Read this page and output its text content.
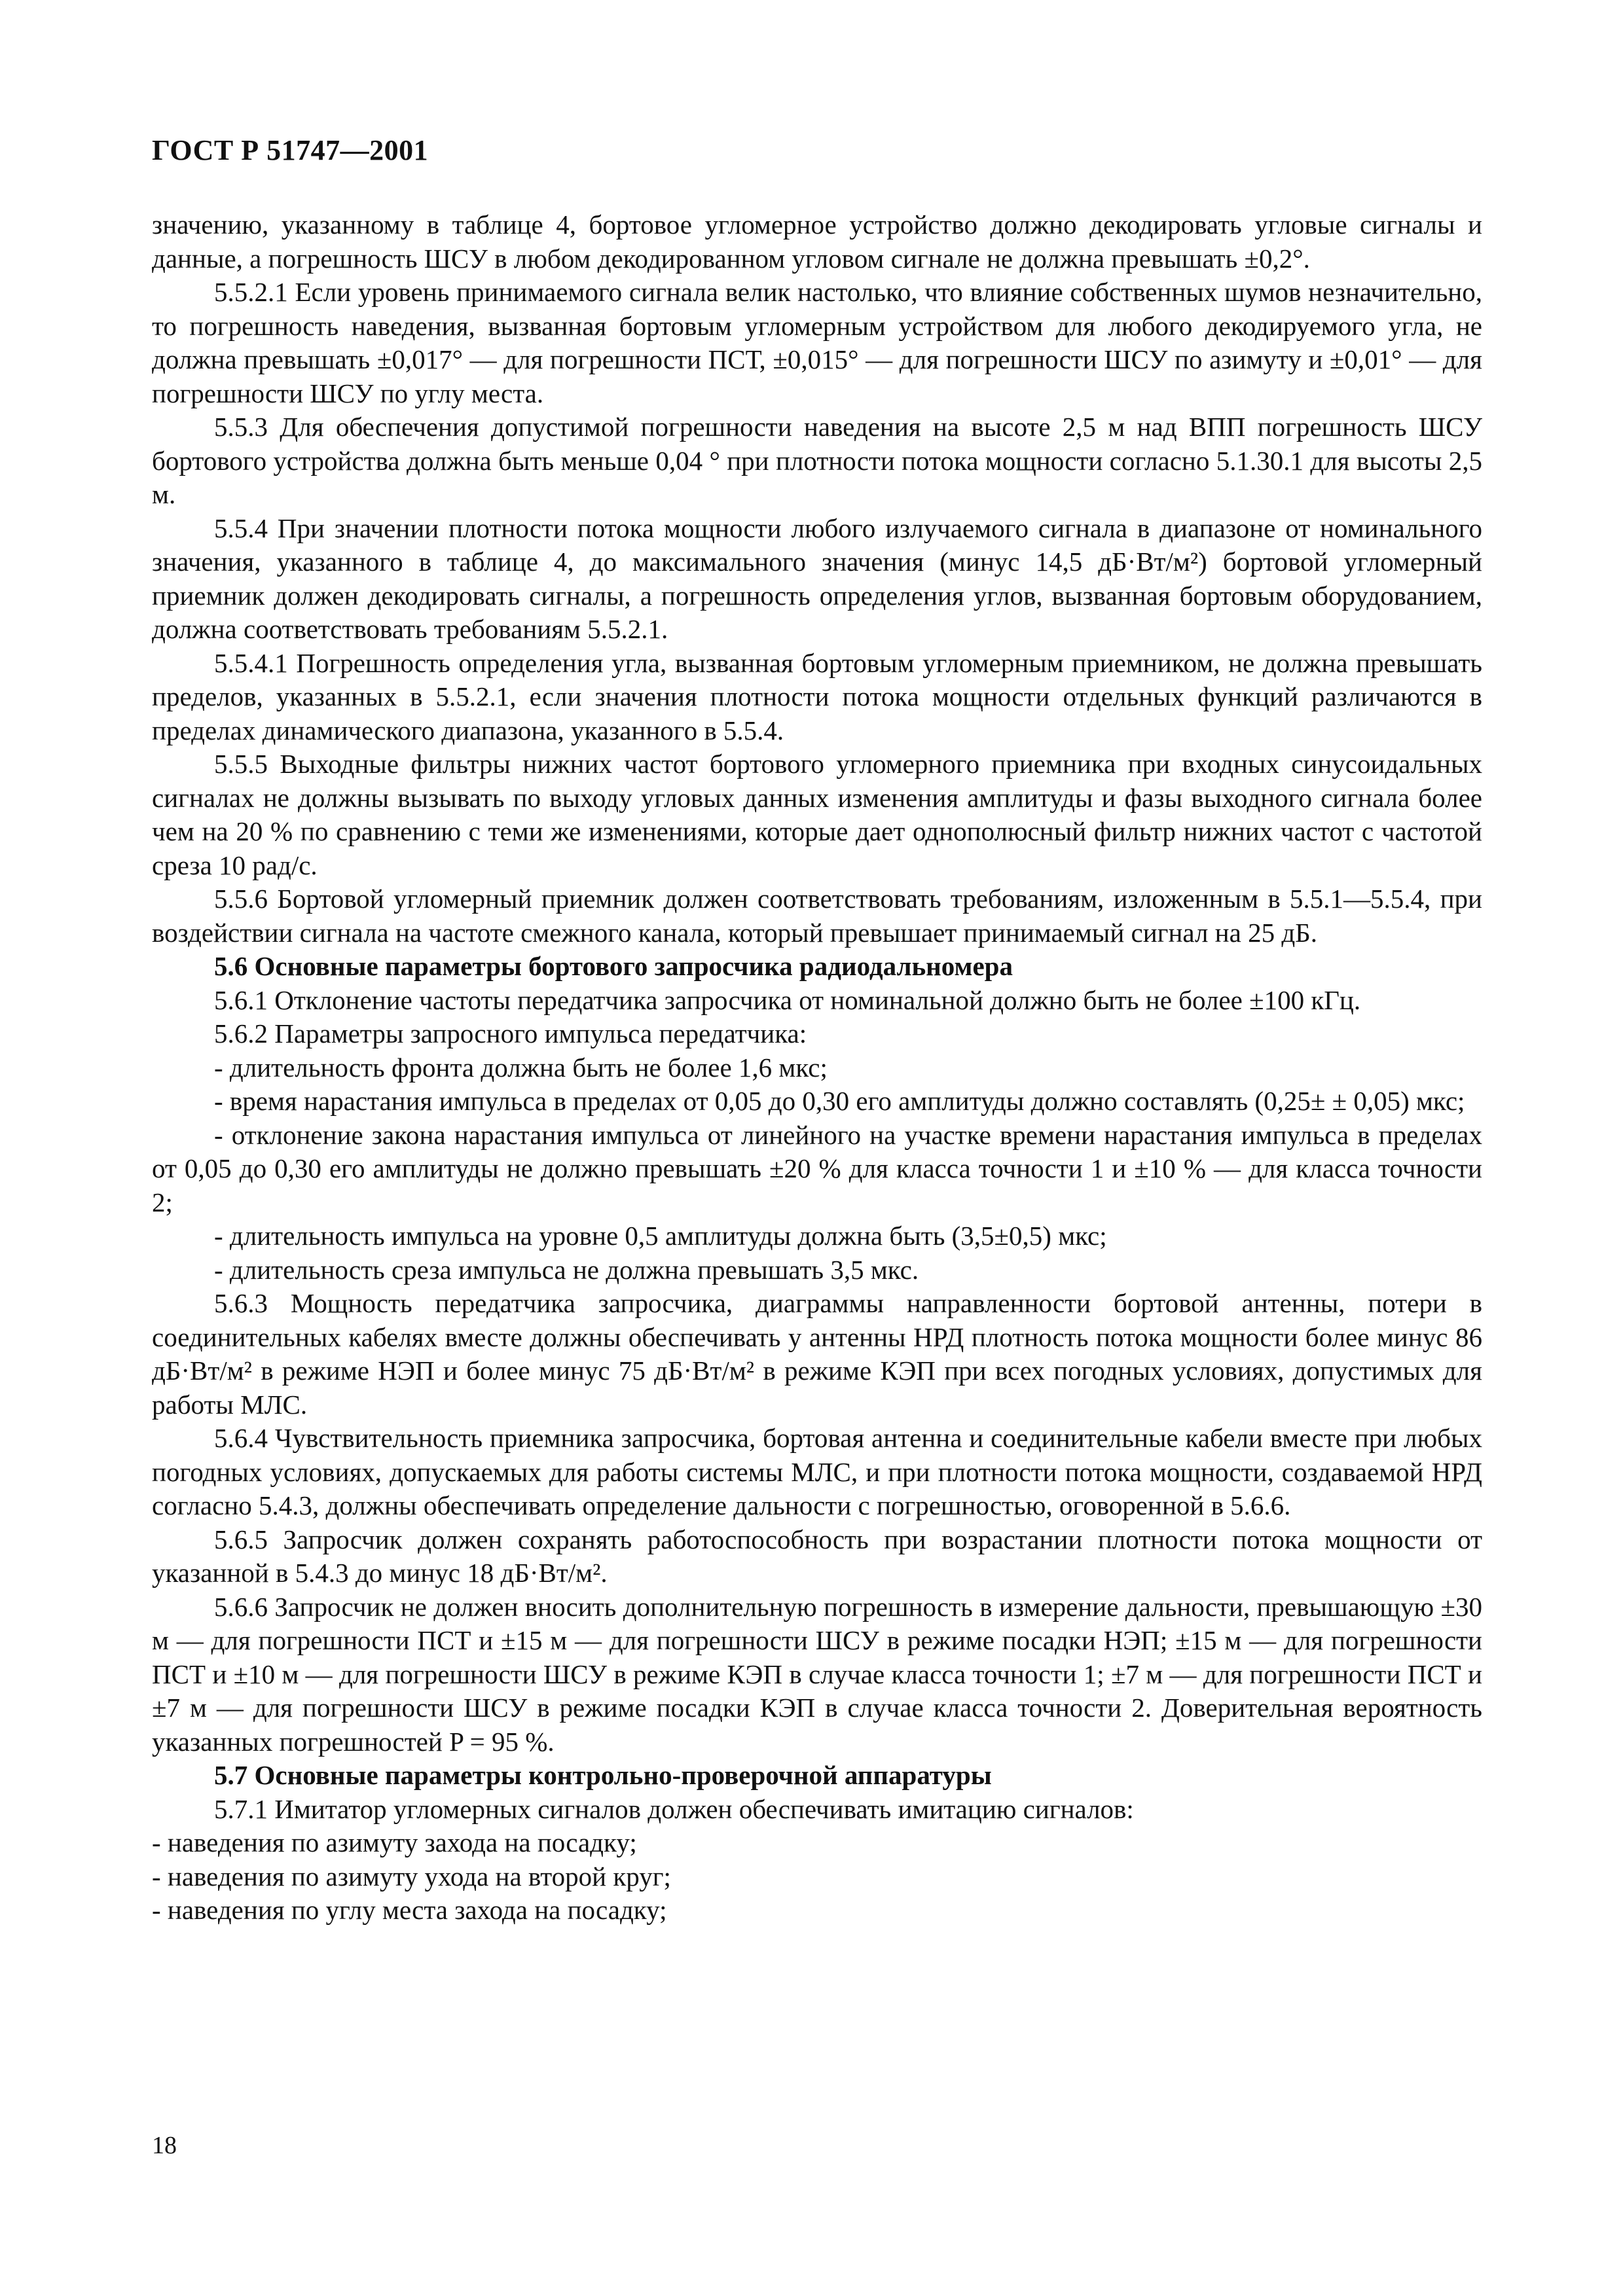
ГОСТ Р 51747—2001

значению, указанному в таблице 4, бортовое угломерное устройство должно декодировать угловые сигналы и данные, а погрешность ШСУ в любом декодированном угловом сигнале не должна превышать ±0,2°.

5.5.2.1 Если уровень принимаемого сигнала велик настолько, что влияние собственных шумов незначительно, то погрешность наведения, вызванная бортовым угломерным устройством для любого декодируемого угла, не должна превышать ±0,017° — для погрешности ПСТ, ±0,015° — для погрешности ШСУ по азимуту и ±0,01° — для погрешности ШСУ по углу места.

5.5.3 Для обеспечения допустимой погрешности наведения на высоте 2,5 м над ВПП погрешность ШСУ бортового устройства должна быть меньше 0,04 ° при плотности потока мощности согласно 5.1.30.1 для высоты 2,5 м.

5.5.4 При значении плотности потока мощности любого излучаемого сигнала в диапазоне от номинального значения, указанного в таблице 4, до максимального значения (минус 14,5 дБ·Вт/м²) бортовой угломерный приемник должен декодировать сигналы, а погрешность определения углов, вызванная бортовым оборудованием, должна соответствовать требованиям 5.5.2.1.

5.5.4.1 Погрешность определения угла, вызванная бортовым угломерным приемником, не должна превышать пределов, указанных в 5.5.2.1, если значения плотности потока мощности отдельных функций различаются в пределах динамического диапазона, указанного в 5.5.4.

5.5.5 Выходные фильтры нижних частот бортового угломерного приемника при входных синусоидальных сигналах не должны вызывать по выходу угловых данных изменения амплитуды и фазы выходного сигнала более чем на 20 % по сравнению с теми же изменениями, которые дает однополюсный фильтр нижних частот с частотой среза 10 рад/с.

5.5.6 Бортовой угломерный приемник должен соответствовать требованиям, изложенным в 5.5.1—5.5.4, при воздействии сигнала на частоте смежного канала, который превышает принимаемый сигнал на 25 дБ.

5.6 Основные параметры бортового запросчика радиодальномера

5.6.1 Отклонение частоты передатчика запросчика от номинальной должно быть не более ±100 кГц.

5.6.2 Параметры запросного импульса передатчика:

- длительность фронта должна быть не более 1,6 мкс;

- время нарастания импульса в пределах от 0,05 до 0,30 его амплитуды должно составлять (0,25± ± 0,05) мкс;

- отклонение закона нарастания импульса от линейного на участке времени нарастания импульса в пределах от 0,05 до 0,30 его амплитуды не должно превышать ±20 % для класса точности 1 и ±10 % — для класса точности 2;

- длительность импульса на уровне 0,5 амплитуды должна быть (3,5±0,5) мкс;

- длительность среза импульса не должна превышать 3,5 мкс.

5.6.3 Мощность передатчика запросчика, диаграммы направленности бортовой антенны, потери в соединительных кабелях вместе должны обеспечивать у антенны НРД плотность потока мощности более минус 86 дБ·Вт/м² в режиме НЭП и более минус 75 дБ·Вт/м² в режиме КЭП при всех погодных условиях, допустимых для работы МЛС.

5.6.4 Чувствительность приемника запросчика, бортовая антенна и соединительные кабели вместе при любых погодных условиях, допускаемых для работы системы МЛС, и при плотности потока мощности, создаваемой НРД согласно 5.4.3, должны обеспечивать определение дальности с погрешностью, оговоренной в 5.6.6.

5.6.5 Запросчик должен сохранять работоспособность при возрастании плотности потока мощности от указанной в 5.4.3 до минус 18 дБ·Вт/м².

5.6.6 Запросчик не должен вносить дополнительную погрешность в измерение дальности, превышающую ±30 м — для погрешности ПСТ и ±15 м — для погрешности ШСУ в режиме посадки НЭП; ±15 м — для погрешности ПСТ и ±10 м — для погрешности ШСУ в режиме КЭП в случае класса точности 1; ±7 м — для погрешности ПСТ и ±7 м — для погрешности ШСУ в режиме посадки КЭП в случае класса точности 2. Доверительная вероятность указанных погрешностей P = 95 %.

5.7 Основные параметры контрольно-проверочной аппаратуры

5.7.1 Имитатор угломерных сигналов должен обеспечивать имитацию сигналов:

- наведения по азимуту захода на посадку;

- наведения по азимуту ухода на второй круг;

- наведения по углу места захода на посадку;

18
